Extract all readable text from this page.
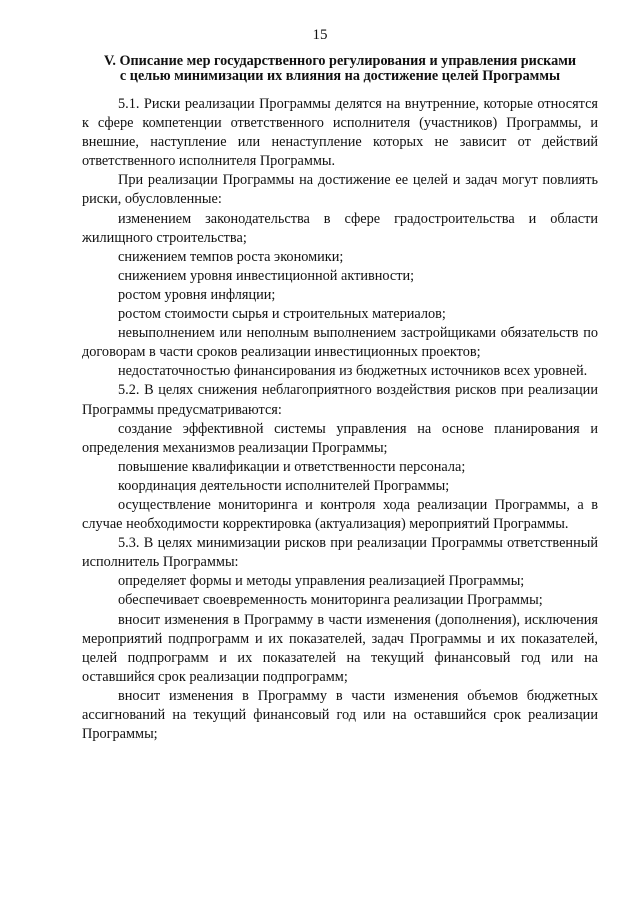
15
V. Описание мер государственного регулирования и управления рисками
с целью минимизации их влияния на достижение целей Программы

5.1. Риски реализации Программы делятся на внутренние, которые относятся к сфере компетенции ответственного исполнителя (участников) Программы, и внешние, наступление или ненаступление которых не зависит от действий ответственного исполнителя Программы.

При реализации Программы на достижение ее целей и задач могут повлиять риски, обусловленные:

изменением законодательства в сфере градостроительства и области жилищного строительства;

снижением темпов роста экономики;

снижением уровня инвестиционной активности;

ростом уровня инфляции;

ростом стоимости сырья и строительных материалов;

невыполнением или неполным выполнением застройщиками обязательств по договорам в части сроков реализации инвестиционных проектов;

недостаточностью финансирования из бюджетных источников всех уровней.

5.2. В целях снижения неблагоприятного воздействия рисков при реализации Программы предусматриваются:

создание эффективной системы управления на основе планирования и определения механизмов реализации Программы;

повышение квалификации и ответственности персонала;

координация деятельности исполнителей Программы;

осуществление мониторинга и контроля хода реализации Программы, а в случае необходимости корректировка (актуализация) мероприятий Программы.

5.3. В целях минимизации рисков при реализации Программы ответственный исполнитель Программы:

определяет формы и методы управления реализацией Программы;

обеспечивает своевременность мониторинга реализации Программы;

вносит изменения в Программу в части изменения (дополнения), исключения мероприятий подпрограмм и их показателей, задач Программы и их показателей, целей подпрограмм и их показателей на текущий финансовый год или на оставшийся срок реализации подпрограмм;

вносит изменения в Программу в части изменения объемов бюджетных ассигнований на текущий финансовый год или на оставшийся срок реализации Программы;
